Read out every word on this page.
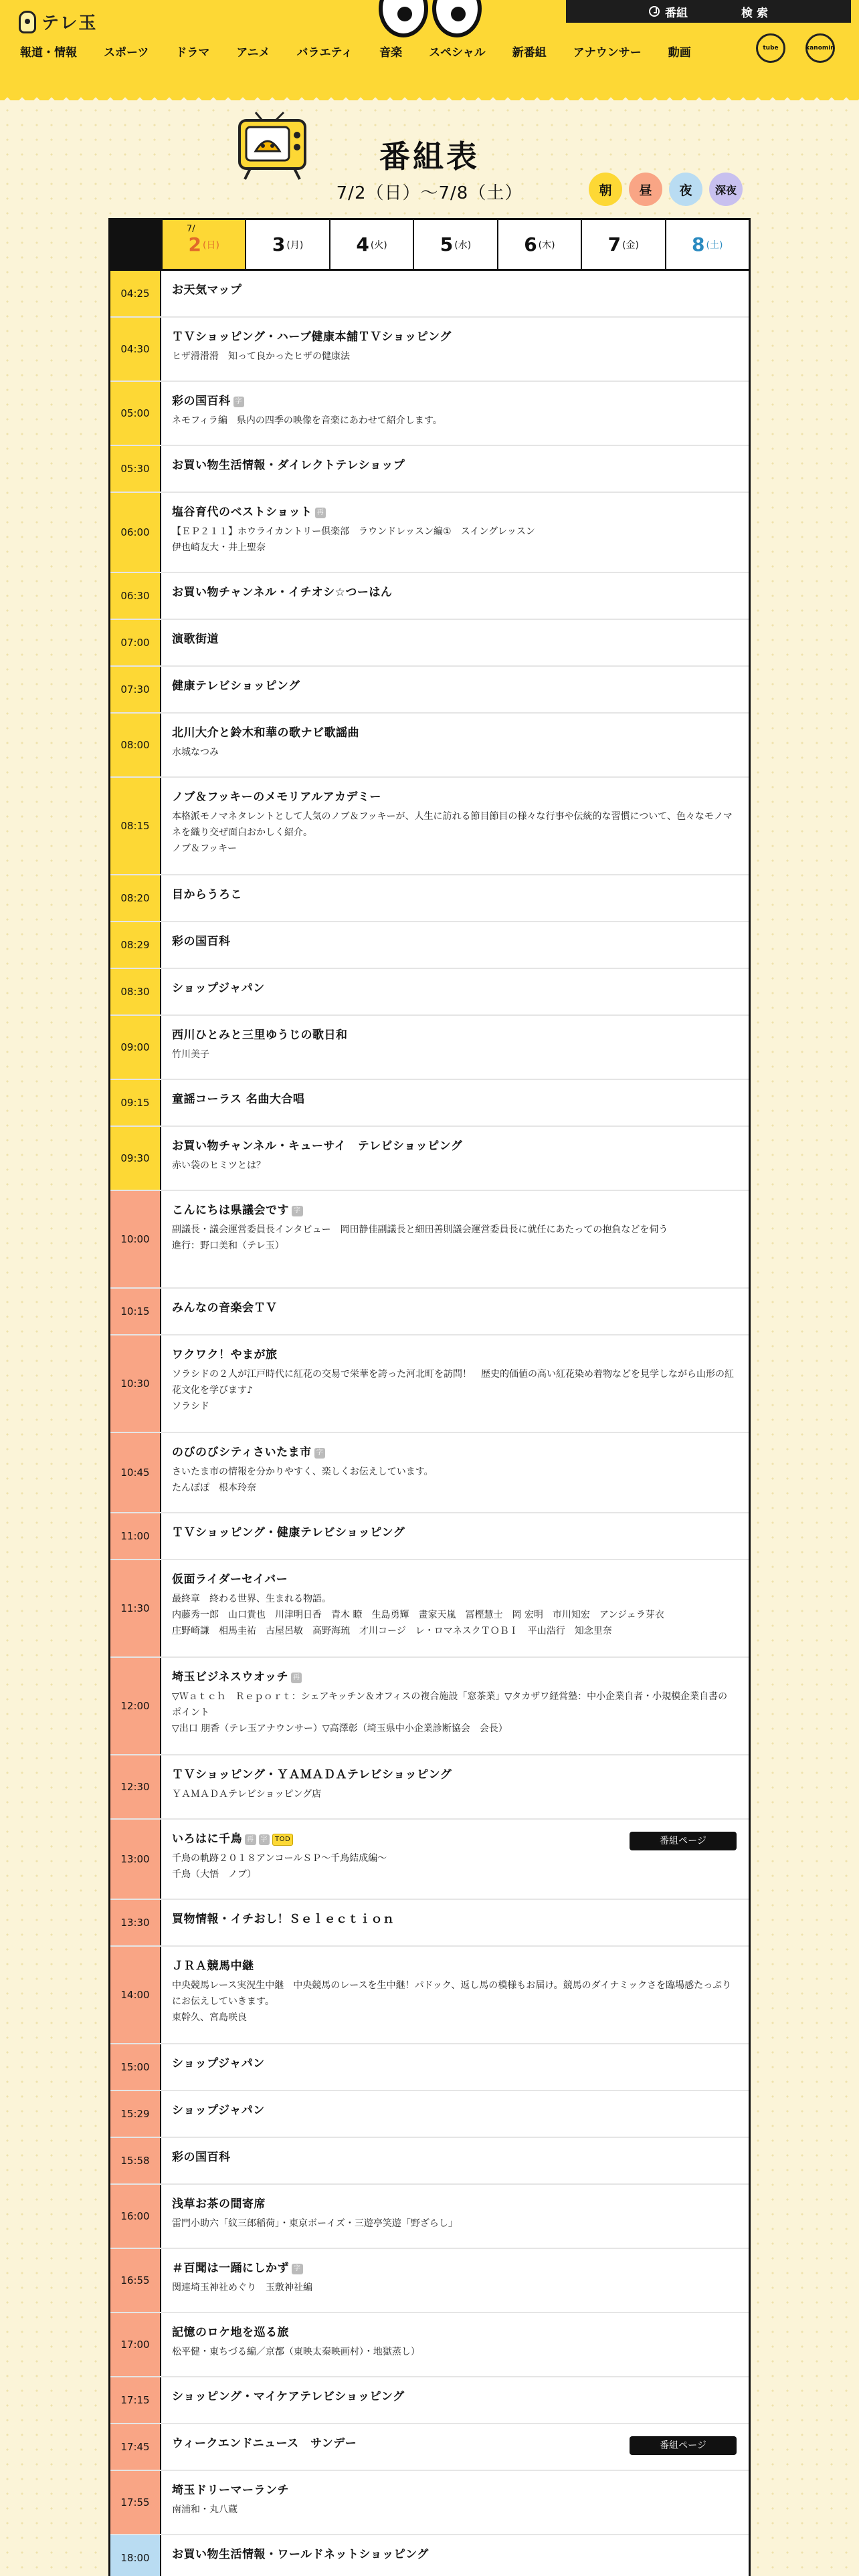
テレ玉
番組	検 索
報道・情報 スポーツ ドラマ アニメ バラエティ 音楽 スペシャル 新番組 アナウンサー 動画	tube	kanomin
番組表
7/2（日）〜7/8（土）	朝	昼	夜	深夜
7/
2 (日)	3 (月)	4 (火)	5 (水)	6 (木)	7 (金)	8 (土)
04:25	お天気マップ
04:30
ＴＶショッピング・ハーブ健康本舗ＴＶショッピング
ヒザ滑滑滑　知って良かったヒザの健康法
05:00
彩の国百科 字
ネモフィラ編　県内の四季の映像を音楽にあわせて紹介します。
05:30	お買い物生活情報・ダイレクトテレショップ
06:00
塩谷育代のベストショット 再
【ＥＰ２１１】ホウライカントリー倶楽部　ラウンドレッスン編①　スイングレッスン
伊也崎友大・井上聖奈
06:30	お買い物チャンネル・イチオシ☆つーはん
07:00	演歌街道
07:30	健康テレビショッピング
08:00
北川大介と鈴木和華の歌ナビ歌謡曲
水城なつみ
08:15
ノブ＆フッキーのメモリアルアカデミー
本格派モノマネタレントとして人気のノブ＆フッキーが、人生に訪れる節目節目の様々な行事や伝統的な習慣について、色々なモノマネを織り交ぜ面白おかしく紹介。
ノブ＆フッキー
08:20	目からうろこ
08:29	彩の国百科
08:30	ショップジャパン
09:00
西川ひとみと三里ゆうじの歌日和
竹川美子
09:15	童謡コーラス 名曲大合唱
09:30
お買い物チャンネル・キューサイ　テレビショッピング
赤い袋のヒミツとは？
10:00
こんにちは県議会です 字
副議長・議会運営委員長インタビュー　岡田静佳副議長と細田善則議会運営委員長に就任にあたっての抱負などを伺う
進行：野口美和（テレ玉）
10:15	みんなの音楽会ＴＶ
10:30
ワクワク！やまが旅
ソラシドの２人が江戸時代に紅花の交易で栄華を誇った河北町を訪問！　歴史的価値の高い紅花染め着物などを見学しながら山形の紅花文化を学びます♪
ソラシド
10:45
のびのびシティさいたま市 字
さいたま市の情報を分かりやすく、楽しくお伝えしています。
たんぽぽ　根本玲奈
11:00	ＴＶショッピング・健康テレビショッピング
11:30
仮面ライダーセイバー
最終章　終わる世界、生まれる物語。
内藤秀一郎　山口貴也　川津明日香　青木 瞭　生島勇輝　畫家天嵐　冨樫慧士　岡 宏明　市川知宏　アンジェラ芽衣
庄野崎謙　相馬圭祐　古屋呂敏　高野海琉　才川コージ　レ・ロマネスクＴＯＢＩ　平山浩行　知念里奈
12:00
埼玉ビジネスウオッチ 再
▽Ｗａｔｃｈ　Ｒｅｐｏｒｔ：シェアキッチン＆オフィスの複合施設「窓茶業」▽タカザワ経営塾：中小企業自者・小規模企業自書のポイント
▽出口 朋香（テレ玉アナウンサー）▽高澤彰（埼玉県中小企業診断協会　会長）
12:30
ＴＶショッピング・ＹＡＭＡＤＡテレビショッピング
ＹＡＭＡＤＡテレビショッピング店
13:00
いろはに千鳥 再 字 TOD
千鳥の軌跡２０１８アンコールＳＰ〜千鳥結成編〜
千鳥（大悟　ノブ）
番組ページ
13:30	買物情報・イチおし！Ｓｅｌｅｃｔｉｏｎ
14:00
ＪＲＡ競馬中継
中央競馬レース実況生中継　中央競馬のレースを生中継！パドック、返し馬の模様もお届け。競馬のダイナミックさを臨場感たっぷりにお伝えしていきます。
東幹久、宮島咲良
15:00	ショップジャパン
15:29	ショップジャパン
15:58	彩の国百科
16:00
浅草お茶の間寄席
雷門小助六「紋三郎稲荷」・東京ボーイズ・三遊亭笑遊「野ざらし」
16:55
＃百聞は一踊にしかず 字
関連埼玉神社めぐり　玉敷神社編
17:00
記憶のロケ地を巡る旅
松平健・東ちづる編／京都（東映太秦映画村）・地獄蒸し）
17:15	ショッピング・マイケアテレビショッピング
17:45	ウィークエンドニュース　サンデー	番組ページ
17:55
埼玉ドリーマーランチ
南浦和・丸八蔵
18:00	お買い物生活情報・ワールドネットショッピング
